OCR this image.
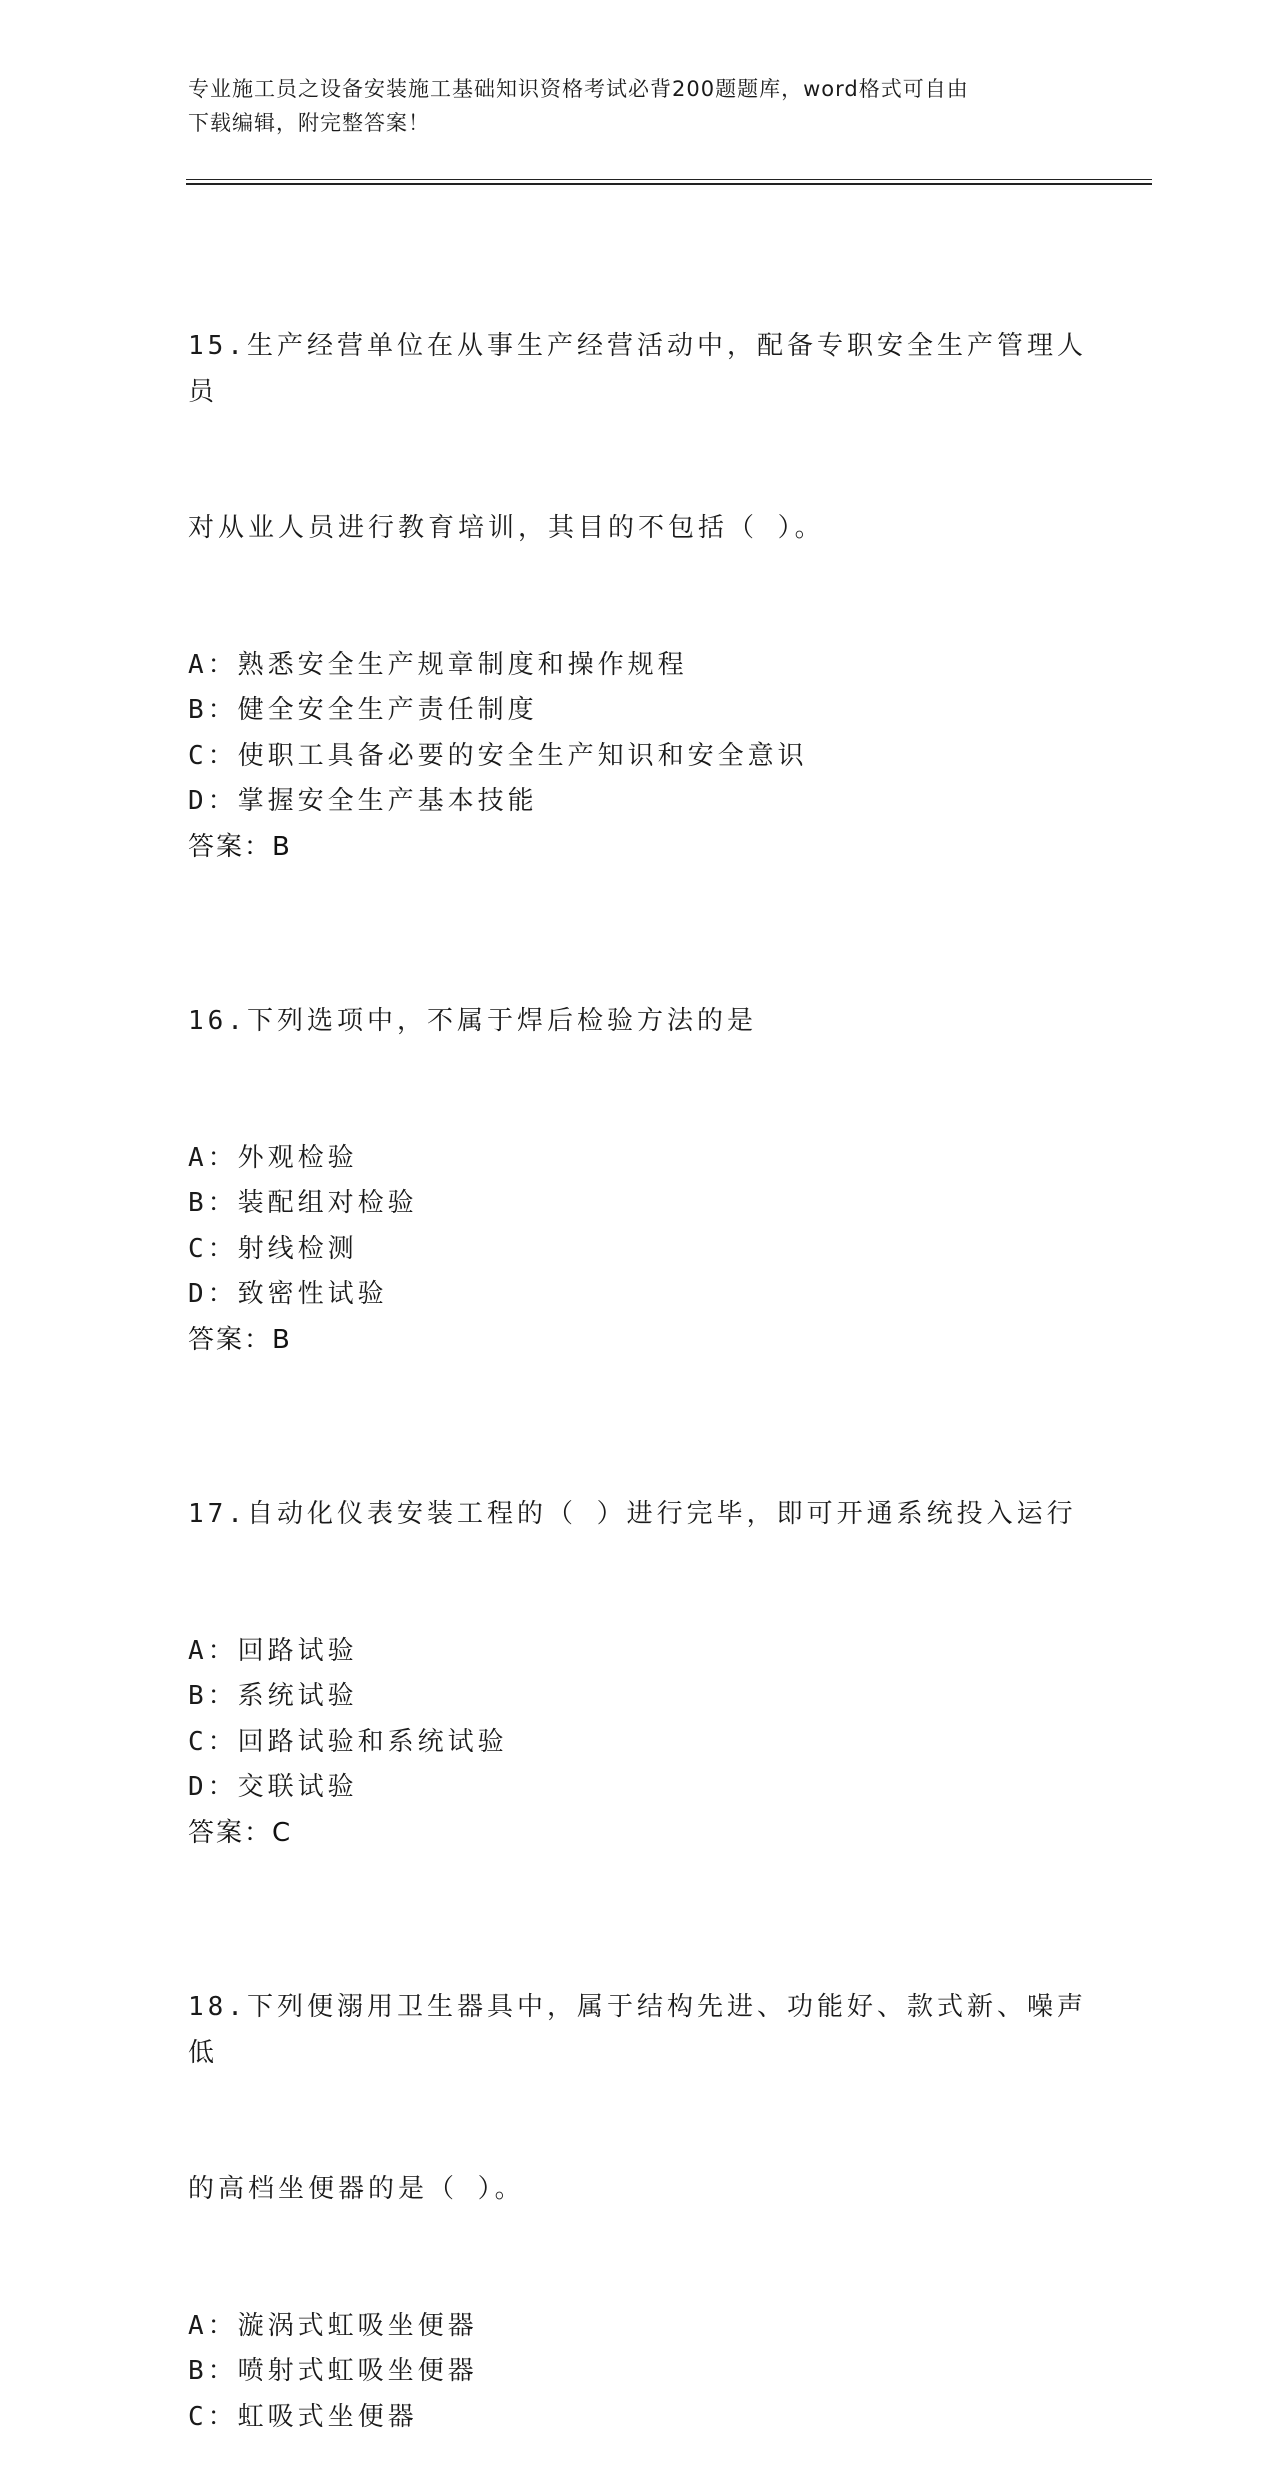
专业施工员之设备安装施工基础知识资格考试必背200题题库，word格式可自由
下载编辑，附完整答案！

15.生产经营单位在从事生产经营活动中，配备专职安全生产管理人员

对从业人员进行教育培训，其目的不包括（ ）。

A：熟悉安全生产规章制度和操作规程
B：健全安全生产责任制度
C：使职工具备必要的安全生产知识和安全意识
D：掌握安全生产基本技能
答案：B

16.下列选项中，不属于焊后检验方法的是

A：外观检验
B：装配组对检验
C：射线检测
D：致密性试验
答案：B

17.自动化仪表安装工程的（ ）进行完毕，即可开通系统投入运行

A：回路试验
B：系统试验
C：回路试验和系统试验
D：交联试验
答案：C

18.下列便溺用卫生器具中，属于结构先进、功能好、款式新、噪声低

的高档坐便器的是（ ）。

A：漩涡式虹吸坐便器
B：喷射式虹吸坐便器
C：虹吸式坐便器
